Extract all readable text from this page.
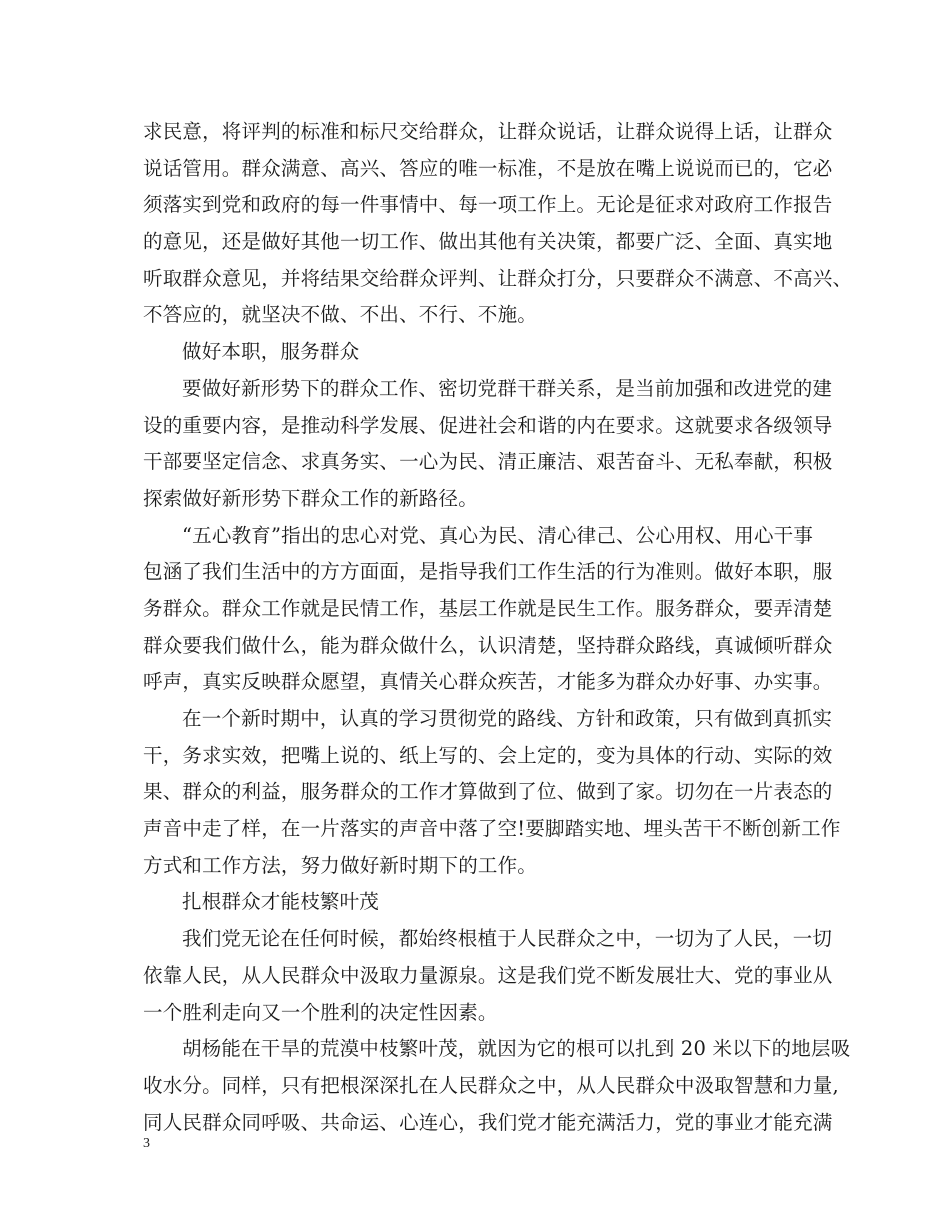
求民意，将评判的标准和标尺交给群众，让群众说话，让群众说得上话，让群众
说话管用。群众满意、高兴、答应的唯一标准，不是放在嘴上说说而已的，它必
须落实到党和政府的每一件事情中、每一项工作上。无论是征求对政府工作报告
的意见，还是做好其他一切工作、做出其他有关决策，都要广泛、全面、真实地
听取群众意见，并将结果交给群众评判、让群众打分，只要群众不满意、不高兴、
不答应的，就坚决不做、不出、不行、不施。
做好本职，服务群众
要做好新形势下的群众工作、密切党群干群关系，是当前加强和改进党的建
设的重要内容，是推动科学发展、促进社会和谐的内在要求。这就要求各级领导
干部要坚定信念、求真务实、一心为民、清正廉洁、艰苦奋斗、无私奉献，积极
探索做好新形势下群众工作的新路径。
“五心教育”指出的忠心对党、真心为民、清心律己、公心用权、用心干事
包涵了我们生活中的方方面面，是指导我们工作生活的行为准则。做好本职，服
务群众。群众工作就是民情工作，基层工作就是民生工作。服务群众，要弄清楚
群众要我们做什么，能为群众做什么，认识清楚，坚持群众路线，真诚倾听群众
呼声，真实反映群众愿望，真情关心群众疾苦，才能多为群众办好事、办实事。
在一个新时期中，认真的学习贯彻党的路线、方针和政策，只有做到真抓实
干，务求实效，把嘴上说的、纸上写的、会上定的，变为具体的行动、实际的效
果、群众的利益，服务群众的工作才算做到了位、做到了家。切勿在一片表态的
声音中走了样，在一片落实的声音中落了空!要脚踏实地、埋头苦干不断创新工作
方式和工作方法，努力做好新时期下的工作。
扎根群众才能枝繁叶茂
我们党无论在任何时候，都始终根植于人民群众之中，一切为了人民，一切
依靠人民，从人民群众中汲取力量源泉。这是我们党不断发展壮大、党的事业从
一个胜利走向又一个胜利的决定性因素。
胡杨能在干旱的荒漠中枝繁叶茂，就因为它的根可以扎到 20 米以下的地层吸
收水分。同样，只有把根深深扎在人民群众之中，从人民群众中汲取智慧和力量,
同人民群众同呼吸、共命运、心连心，我们党才能充满活力，党的事业才能充满
3
